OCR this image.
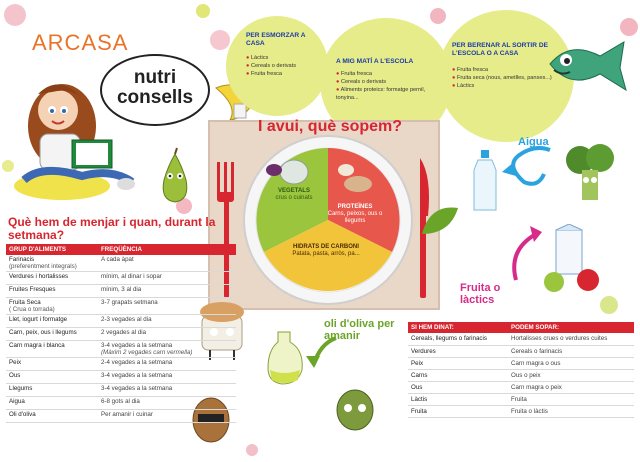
ARCASA
nutri
consells
PER ESMORZAR A CASA
● Làctics
● Cereals o derivats
● Fruita fresca
A MIG MATÍ A L'ESCOLA
● Fruita fresca
● Cereals o derivats
● Aliments proteics: formatge pernil, tonyina...
PER BERENAR AL SORTIR DE L'ESCOLA O A CASA
● Fruita fresca
● Fruita seca (nous, ametlles, panses...)
● Làctics
I avui, què sopem?
VEGETALS
crus o cuinats
PROTEÏNES
Carns, peixos, ous o llegums
HIDRATS DE CARBONI
Patata, pasta, arròs, pa...
Aigua
Fruita o làctics
oli d'oliva per amanir
Què hem de menjar i quan, durant la setmana?
GRUP D'ALIMENTS	FREQÜÈNCIA

Farinacis
(preferentment integrals)	A cada àpat
Verdures i hortalisses	mínim, al dinar i sopar
Fruites Fresques	mínim, 3 al dia

Fruita Seca
( Crua o torrada)	3-7 grapats setmana
Llet, iogurt i formatge	2-3 vegades al dia
Carn, peix, ous i llegums	2 vegades al dia
Carn magra i blanca	3-4 vegades a la setmana
(Màxim 2 vegades carn vermella)

Peix	2-4 vegades a la setmana
Ous	3-4 vegades a la setmana
Llegums	3-4 vegades a la setmana
Aigua	6-8 gots al dia
Oli d'oliva	Per amanir i cuinar
SI HEM DINAT:	PODEM SOPAR:
Cereals, llegums o farinacis	Hortalisses crues o verdures cuites
Verdures	Cereals o farinacis
Peix	Carn magra o ous
Carns	Ous o peix
Ous	Carn magra o peix
Làctis	Fruita
Fruita	Fruita o làctis
